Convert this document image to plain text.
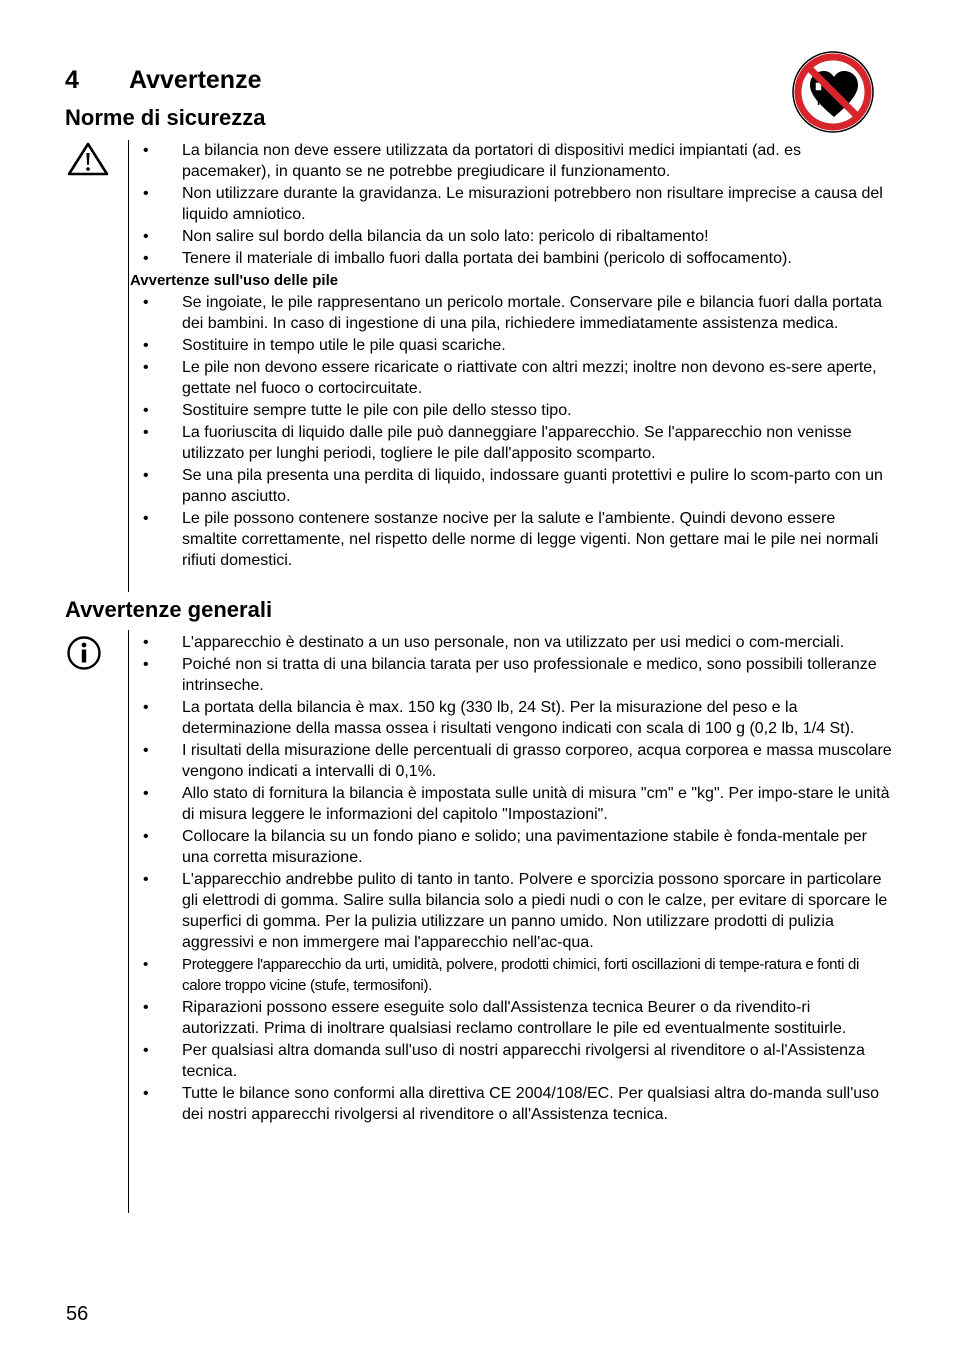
4 Avvertenze
Norme di sicurezza
• La bilancia non deve essere utilizzata da portatori di dispositivi medici impiantati (ad. es pacemaker), in quanto se ne potrebbe pregiudicare il funzionamento.
• Non utilizzare durante la gravidanza. Le misurazioni potrebbero non risultare imprecise a causa del liquido amniotico.
• Non salire sul bordo della bilancia da un solo lato: pericolo di ribaltamento!
• Tenere il materiale di imballo fuori dalla portata dei bambini (pericolo di soffocamento).

Avvertenze sull'uso delle pile

• Se ingoiate, le pile rappresentano un pericolo mortale. Conservare pile e bilancia fuori dalla portata dei bambini. In caso di ingestione di una pila, richiedere immediatamente assistenza medica.
• Sostituire in tempo utile le pile quasi scariche.
• Le pile non devono essere ricaricate o riattivate con altri mezzi; inoltre non devono es-sere aperte, gettate nel fuoco o cortocircuitate.
• Sostituire sempre tutte le pile con pile dello stesso tipo.
• La fuoriuscita di liquido dalle pile può danneggiare l'apparecchio. Se l'apparecchio non venisse utilizzato per lunghi periodi, togliere le pile dall'apposito scomparto.
• Se una pila presenta una perdita di liquido, indossare guanti protettivi e pulire lo scom-parto con un panno asciutto.
• Le pile possono contenere sostanze nocive per la salute e l'ambiente. Quindi devono essere smaltite correttamente, nel rispetto delle norme di legge vigenti. Non gettare mai le pile nei normali rifiuti domestici.
Avvertenze generali
• L'apparecchio è destinato a un uso personale, non va utilizzato per usi medici o com-merciali.
• Poiché non si tratta di una bilancia tarata per uso professionale e medico, sono possibili tolleranze intrinseche.
• La portata della bilancia è max. 150 kg (330 lb, 24 St). Per la misurazione del peso e la determinazione della massa ossea i risultati vengono indicati con scala di 100 g (0,2 lb, 1/4 St).
• I risultati della misurazione delle percentuali di grasso corporeo, acqua corporea e massa muscolare vengono indicati a intervalli di 0,1%.
• Allo stato di fornitura la bilancia è impostata sulle unità di misura "cm" e "kg". Per impo-stare le unità di misura leggere le informazioni del capitolo "Impostazioni".
• Collocare la bilancia su un fondo piano e solido; una pavimentazione stabile è fonda-mentale per una corretta misurazione.
• L'apparecchio andrebbe pulito di tanto in tanto. Polvere e sporcizia possono sporcare in particolare gli elettrodi di gomma. Salire sulla bilancia solo a piedi nudi o con le calze, per evitare di sporcare le superfici di gomma. Per la pulizia utilizzare un panno umido. Non utilizzare prodotti di pulizia aggressivi e non immergere mai l'apparecchio nell'ac-qua.
• Proteggere l'apparecchio da urti, umidità, polvere, prodotti chimici, forti oscillazioni di tempe-ratura e fonti di calore troppo vicine (stufe, termosifoni).
• Riparazioni possono essere eseguite solo dall'Assistenza tecnica Beurer o da rivendito-ri autorizzati. Prima di inoltrare qualsiasi reclamo controllare le pile ed eventualmente sostituirle.
• Per qualsiasi altra domanda sull'uso di nostri apparecchi rivolgersi al rivenditore o al-l'Assistenza tecnica.
• Tutte le bilance sono conformi alla direttiva CE 2004/108/EC. Per qualsiasi altra do-manda sull'uso dei nostri apparecchi rivolgersi al rivenditore o all'Assistenza tecnica.
56
